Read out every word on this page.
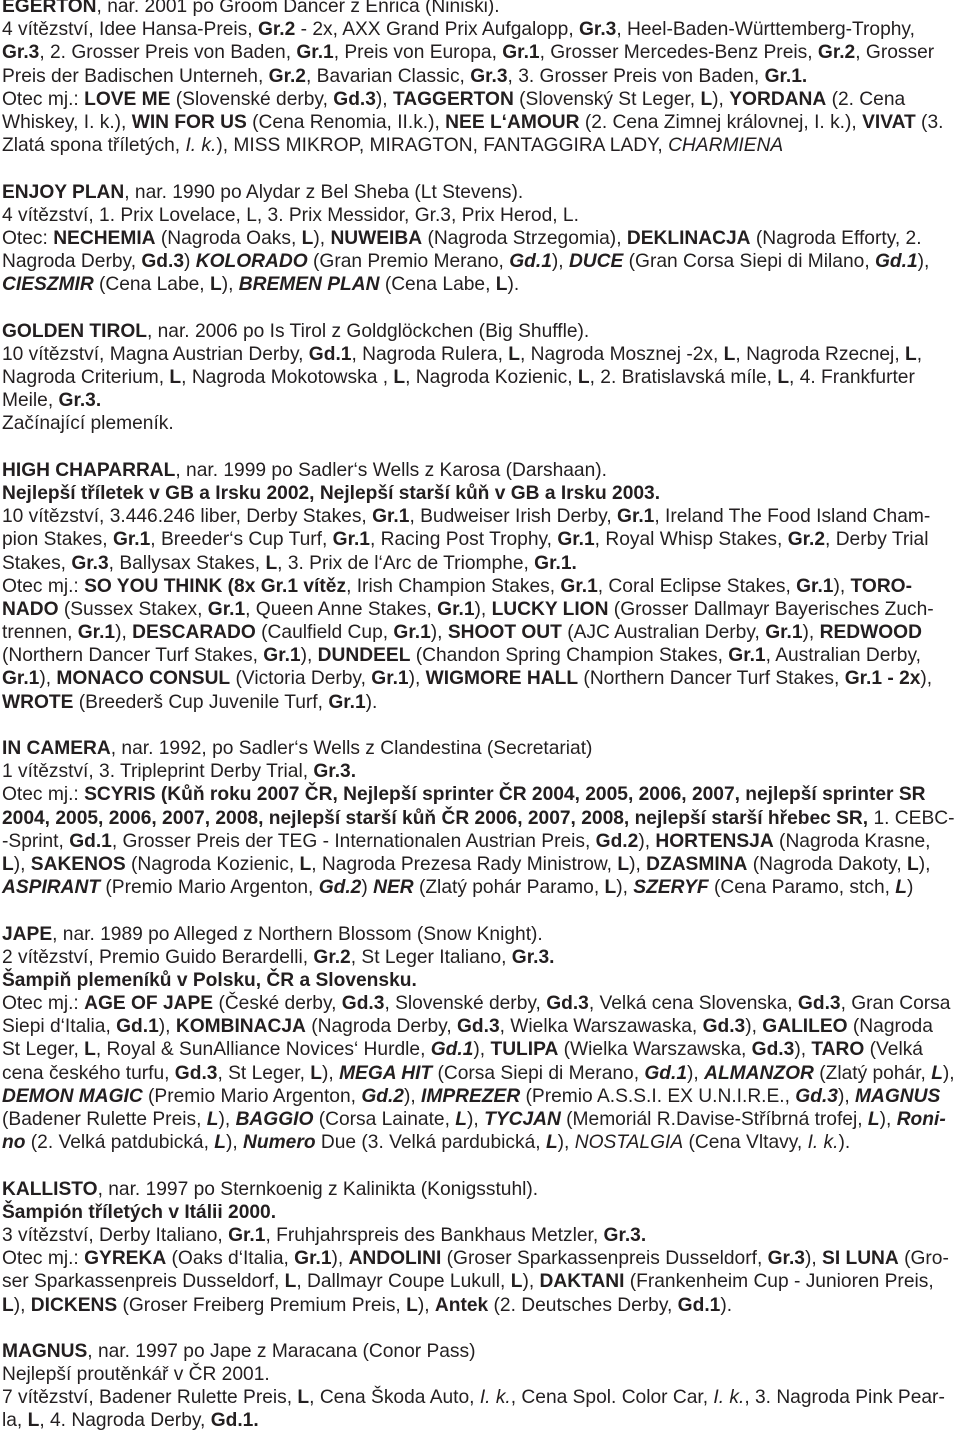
EGERTON, nar. 2001 po Groom Dancer z Enrica (Niniski).
4 vítězství, Idee Hansa-Preis, Gr.2 - 2x, AXX Grand Prix Aufgalopp, Gr.3, Heel-Baden-Württemberg-Trophy,
Gr.3, 2. Grosser Preis von Baden, Gr.1, Preis von Europa, Gr.1, Grosser Mercedes-Benz Preis, Gr.2, Grosser
Preis der Badischen Unterneh, Gr.2, Bavarian Classic, Gr.3, 3. Grosser Preis von Baden, Gr.1.
Otec mj.: LOVE ME (Slovenské derby, Gd.3), TAGGERTON (Slovenský St Leger, L), YORDANA (2. Cena
Whiskey, I. k.), WIN FOR US (Cena Renomia, II.k.), NEE L‘AMOUR (2. Cena Zimnej královnej, I. k.), VIVAT (3.
Zlatá spona tříletých, I. k.), MISS MIKROP, MIRAGTON, FANTAGGIRA LADY, CHARMIENA
ENJOY PLAN, nar. 1990 po Alydar z Bel Sheba (Lt Stevens).
4 vítězství, 1. Prix Lovelace, L, 3. Prix Messidor, Gr.3, Prix Herod, L.
Otec: NECHEMIA (Nagroda Oaks, L), NUWEIBA (Nagroda Strzegomia), DEKLINACJA (Nagroda Efforty, 2.
Nagroda Derby, Gd.3) KOLORADO (Gran Premio Merano, Gd.1), DUCE (Gran Corsa Siepi di Milano, Gd.1),
CIESZMIR (Cena Labe, L), BREMEN PLAN (Cena Labe, L).
GOLDEN TIROL, nar. 2006 po Is Tirol z Goldglöckchen (Big Shuffle).
10 vítězství, Magna Austrian Derby, Gd.1, Nagroda Rulera, L, Nagroda Mosznej -2x, L, Nagroda Rzecnej, L,
Nagroda Criterium, L, Nagroda Mokotowska , L, Nagroda Kozienic, L, 2. Bratislavská míle, L, 4. Frankfurter
Meile, Gr.3.
Začínající plemeník.
HIGH CHAPARRAL, nar. 1999 po Sadler‘s Wells z Karosa (Darshaan).
Nejlepší tříletek v GB a Irsku 2002, Nejlepší starší kůň v GB a Irsku 2003.
10 vítězství, 3.446.246 liber, Derby Stakes, Gr.1, Budweiser Irish Derby, Gr.1, Ireland The Food Island Cham-
pion Stakes, Gr.1, Breeder‘s Cup Turf, Gr.1, Racing Post Trophy, Gr.1, Royal Whisp Stakes, Gr.2, Derby Trial
Stakes, Gr.3, Ballysax Stakes, L, 3. Prix de l‘Arc de Triomphe, Gr.1.
Otec mj.: SO YOU THINK (8x Gr.1 vítěz, Irish Champion Stakes, Gr.1, Coral Eclipse Stakes, Gr.1), TORO-
NADO (Sussex Stakex, Gr.1, Queen Anne Stakes, Gr.1), LUCKY LION (Grosser Dallmayr Bayerisches Zuch-
trennen, Gr.1), DESCARADO (Caulfield Cup, Gr.1), SHOOT OUT (AJC Australian Derby, Gr.1), REDWOOD
(Northern Dancer Turf Stakes, Gr.1), DUNDEEL (Chandon Spring Champion Stakes, Gr.1, Australian Derby,
Gr.1), MONACO CONSUL (Victoria Derby, Gr.1), WIGMORE HALL (Northern Dancer Turf Stakes, Gr.1 - 2x),
WROTE (Breederš Cup Juvenile Turf, Gr.1).
IN CAMERA, nar. 1992, po Sadler‘s Wells z Clandestina (Secretariat)
1 vítězství, 3. Tripleprint Derby Trial, Gr.3.
Otec mj.: SCYRIS (Kůň roku 2007 ČR, Nejlepší sprinter ČR 2004, 2005, 2006, 2007, nejlepší sprinter SR
2004, 2005, 2006, 2007, 2008, nejlepší starší kůň ČR 2006, 2007, 2008, nejlepší starší hřebec SR, 1. CEBC-
-Sprint, Gd.1, Grosser Preis der TEG - Internationalen Austrian Preis, Gd.2), HORTENSJA (Nagroda Krasne,
L), SAKENOS (Nagroda Kozienic, L, Nagroda Prezesa Rady Ministrow, L), DZASMINA (Nagroda Dakoty, L),
ASPIRANT (Premio Mario Argenton, Gd.2) NER (Zlatý pohár Paramo, L), SZERYF (Cena Paramo, stch, L)
JAPE, nar. 1989 po Alleged z Northern Blossom (Snow Knight).
2 vítězství, Premio Guido Berardelli, Gr.2, St Leger Italiano, Gr.3.
Šampiň plemeníků v Polsku, ČR a Slovensku.
Otec mj.: AGE OF JAPE (České derby, Gd.3, Slovenské derby, Gd.3, Velká cena Slovenska, Gd.3, Gran Corsa
Siepi d‘Italia, Gd.1), KOMBINACJA (Nagroda Derby, Gd.3, Wielka Warszawaska, Gd.3), GALILEO (Nagroda
St Leger, L, Royal & SunAlliance Novices‘ Hurdle, Gd.1), TULIPA (Wielka Warszawska, Gd.3), TARO (Velká
cena českého turfu, Gd.3, St Leger, L), MEGA HIT (Corsa Siepi di Merano, Gd.1), ALMANZOR (Zlatý pohár, L),
DEMON MAGIC (Premio Mario Argenton, Gd.2), IMPREZER (Premio A.S.S.I. EX U.N.I.R.E., Gd.3), MAGNUS
(Badener Rulette Preis, L), BAGGIO (Corsa Lainate, L), TYCJAN (Memoriál R.Davise-Stříbrná trofej, L), Roni-
no (2. Velká patdubická, L), Numero Due (3. Velká pardubická, L), NOSTALGIA (Cena Vltavy, I. k.).
KALLISTO, nar. 1997 po Sternkoenig z Kalinikta (Konigsstuhl).
Šampión tříletých v Itálii 2000.
3 vítězství, Derby Italiano, Gr.1, Fruhjahrspreis des Bankhaus Metzler, Gr.3.
Otec mj.: GYREKA (Oaks d‘Italia, Gr.1), ANDOLINI (Groser Sparkassenpreis Dusseldorf, Gr.3), SI LUNA (Gro-
ser Sparkassenpreis Dusseldorf, L, Dallmayr Coupe Lukull, L), DAKTANI (Frankenheim Cup - Junioren Preis,
L), DICKENS (Groser Freiberg Premium Preis, L), Antek (2. Deutsches Derby, Gd.1).
MAGNUS, nar. 1997 po Jape z Maracana (Conor Pass)
Nejlepší proutěnkář v ČR 2001.
7 vítězství, Badener Rulette Preis, L, Cena Škoda Auto, I. k., Cena Spol. Color Car, I. k., 3. Nagroda Pink Pear-
la, L, 4. Nagroda Derby, Gd.1.
